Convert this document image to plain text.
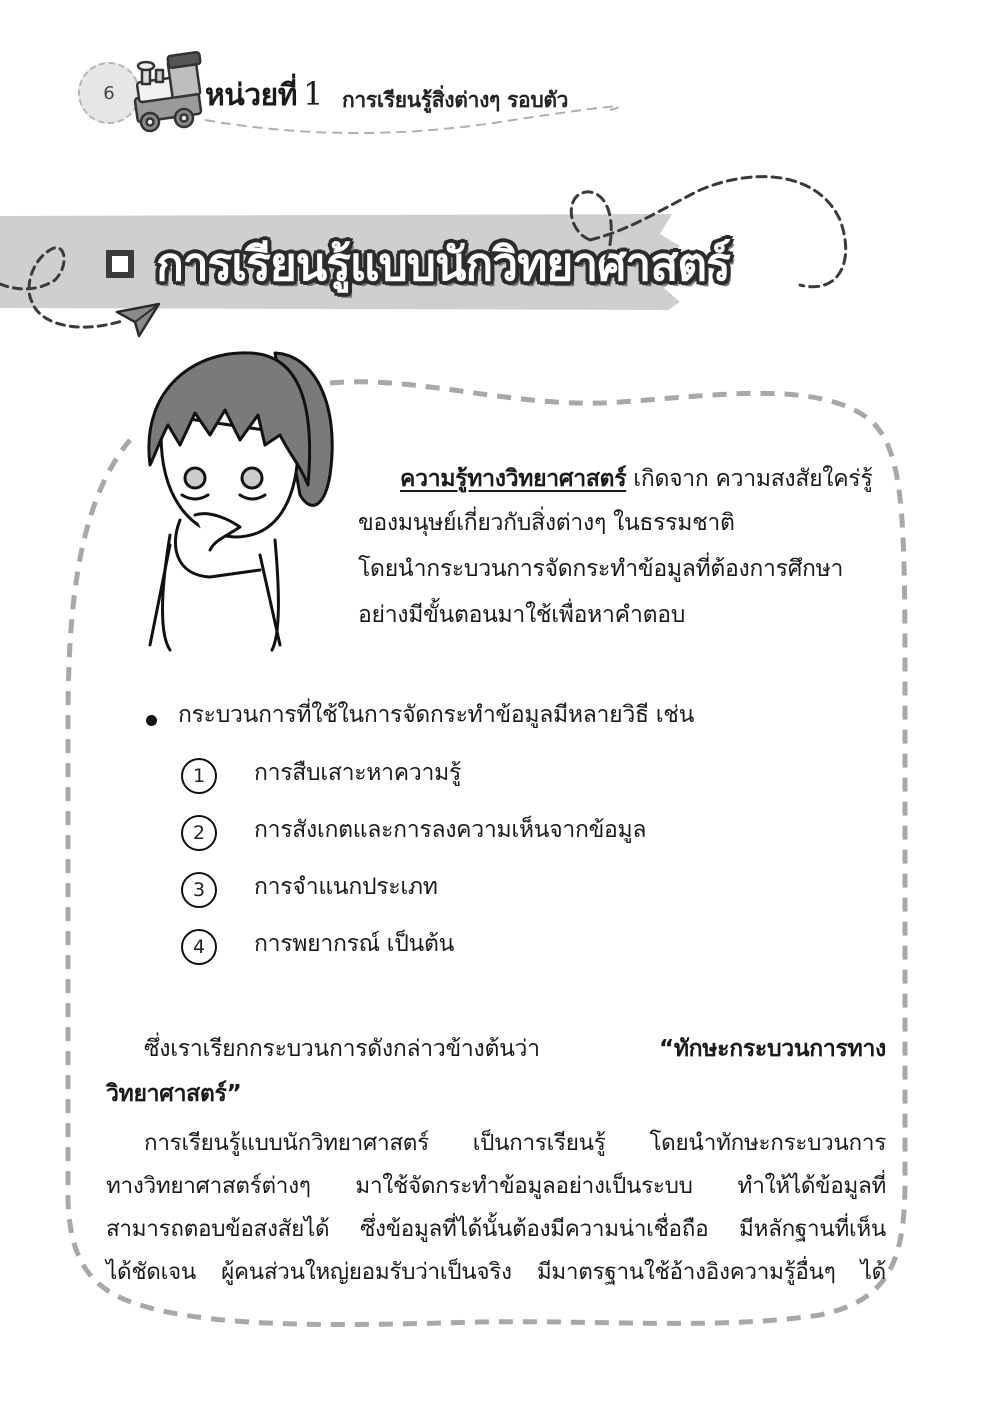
6	หน่วยที่ 1 การเรียนรู้สิ่งต่างๆ รอบตัว
การเรียนรู้แบบนักวิทยาศาสตร์
ความรู้ทางวิทยาศาสตร์ เกิดจาก ความสงสัยใคร่รู้
ของมนุษย์เกี่ยวกับสิ่งต่างๆ ในธรรมชาติ
โดยนำกระบวนการจัดกระทำข้อมูลที่ต้องการศึกษา
อย่างมีขั้นตอนมาใช้เพื่อหาคำตอบ
กระบวนการที่ใช้ในการจัดกระทำข้อมูลมีหลายวิธี เช่น
1 การสืบเสาะหาความรู้
2 การสังเกตและการลงความเห็นจากข้อมูล
3 การจำแนกประเภท
4 การพยากรณ์ เป็นต้น
ซึ่งเราเรียกกระบวนการดังกล่าวข้างต้นว่า	“ทักษะกระบวนการทาง
วิทยาศาสตร์”
การเรียนรู้แบบนักวิทยาศาสตร์ เป็นการเรียนรู้ โดยนำทักษะกระบวนการ
ทางวิทยาศาสตร์ต่างๆ มาใช้จัดกระทำข้อมูลอย่างเป็นระบบ ทำให้ได้ข้อมูลที่
สามารถตอบข้อสงสัยได้ ซึ่งข้อมูลที่ได้นั้นต้องมีความน่าเชื่อถือ มีหลักฐานที่เห็น
ได้ชัดเจน ผู้คนส่วนใหญ่ยอมรับว่าเป็นจริง มีมาตรฐานใช้อ้างอิงความรู้อื่นๆ ได้
